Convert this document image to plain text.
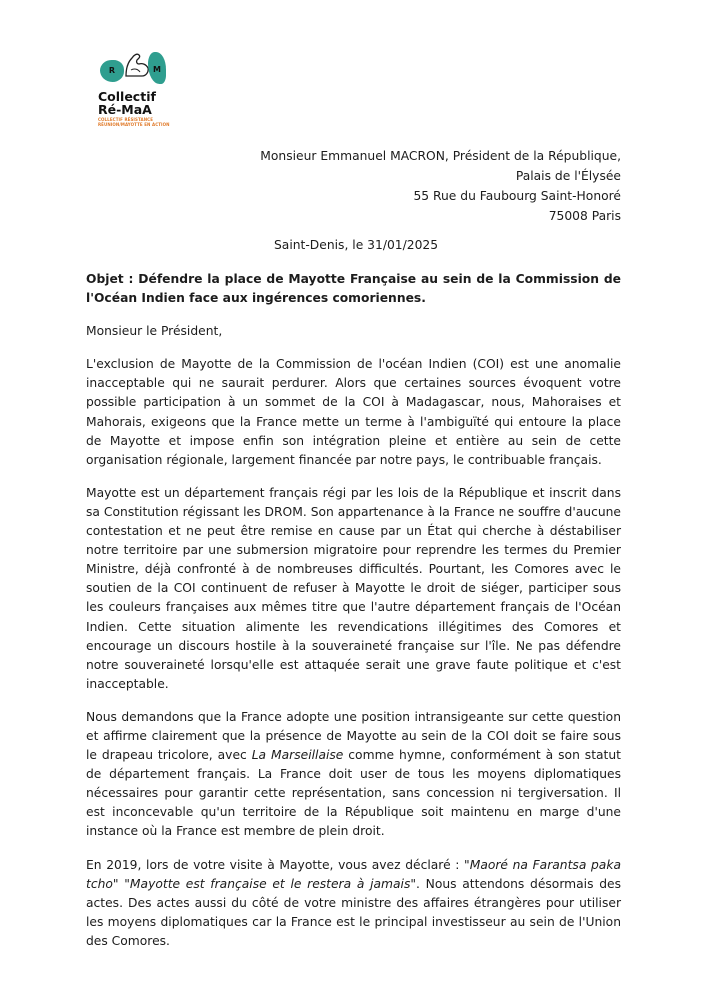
R	M
Collectif
Ré-MaA
COLLECTIF RÉSISTANCE RÉUNION/MAYOTTE EN ACTION
Monsieur Emmanuel MACRON, Président de la République,
Palais de l'Élysée
55 Rue du Faubourg Saint-Honoré
75008 Paris
Saint-Denis, le 31/01/2025

Objet : Défendre la place de Mayotte Française au sein de la Commission de l'Océan Indien face aux ingérences comoriennes.

Monsieur le Président,

L'exclusion de Mayotte de la Commission de l'océan Indien (COI) est une anomalie inacceptable qui ne saurait perdurer. Alors que certaines sources évoquent votre possible participation à un sommet de la COI à Madagascar, nous, Mahoraises et Mahorais, exigeons que la France mette un terme à l'ambiguïté qui entoure la place de Mayotte et impose enfin son intégration pleine et entière au sein de cette organisation régionale, largement financée par notre pays, le contribuable français.

Mayotte est un département français régi par les lois de la République et inscrit dans sa Constitution régissant les DROM. Son appartenance à la France ne souffre d'aucune contestation et ne peut être remise en cause par un État qui cherche à déstabiliser notre territoire par une submersion migratoire pour reprendre les termes du Premier Ministre, déjà confronté à de nombreuses difficultés. Pourtant, les Comores avec le soutien de la COI continuent de refuser à Mayotte le droit de siéger, participer sous les couleurs françaises aux mêmes titre que l'autre département français de l'Océan Indien. Cette situation alimente les revendications illégitimes des Comores et encourage un discours hostile à la souveraineté française sur l'île. Ne pas défendre notre souveraineté lorsqu'elle est attaquée serait une grave faute politique et c'est inacceptable.

Nous demandons que la France adopte une position intransigeante sur cette question et affirme clairement que la présence de Mayotte au sein de la COI doit se faire sous le drapeau tricolore, avec La Marseillaise comme hymne, conformément à son statut de département français. La France doit user de tous les moyens diplomatiques nécessaires pour garantir cette représentation, sans concession ni tergiversation. Il est inconcevable qu'un territoire de la République soit maintenu en marge d'une instance où la France est membre de plein droit.

En 2019, lors de votre visite à Mayotte, vous avez déclaré : "Maoré na Farantsa paka tcho" "Mayotte est française et le restera à jamais". Nous attendons désormais des actes. Des actes aussi du côté de votre ministre des affaires étrangères pour utiliser les moyens diplomatiques car la France est le principal investisseur au sein de l'Union des Comores.
